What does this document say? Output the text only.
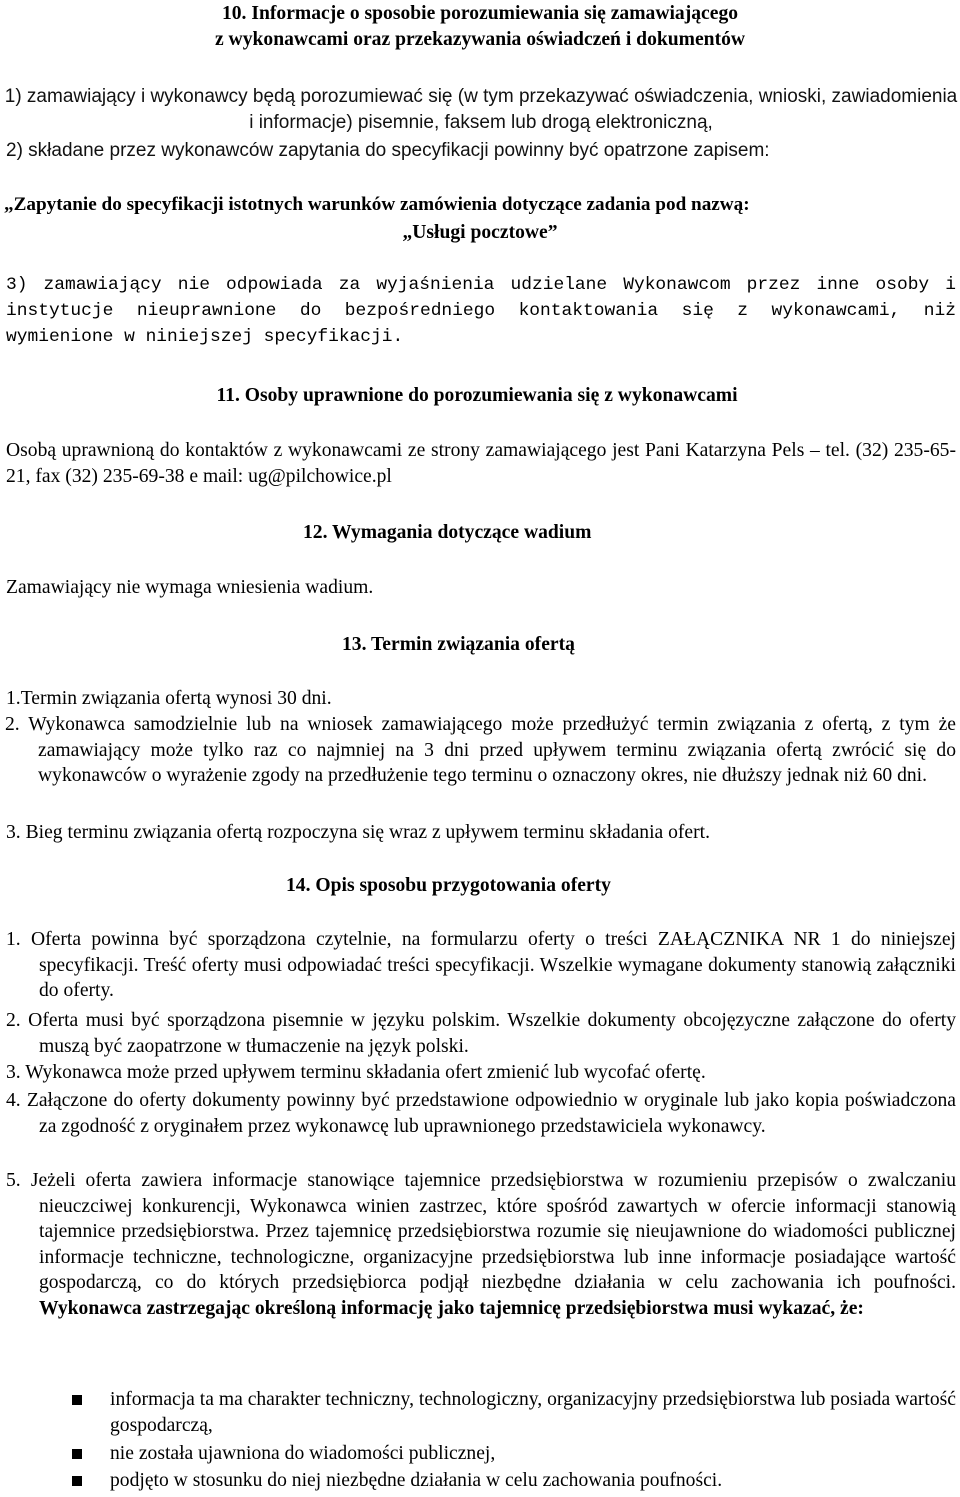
10. Informacje o sposobie porozumiewania się zamawiającego

z wykonawcami oraz przekazywania oświadczeń i dokumentów

1) zamawiający i wykonawcy będą porozumiewać się (w tym przekazywać oświadczenia, wnioski, zawiadomienia i informacje) pisemnie, faksem lub drogą elektroniczną,

2) składane przez wykonawców zapytania do specyfikacji powinny być opatrzone zapisem:

„Zapytanie do specyfikacji istotnych warunków zamówienia dotyczące zadania pod nazwą:

„Usługi pocztowe”

3) zamawiający nie odpowiada za wyjaśnienia udzielane Wykonawcom przez inne osoby i instytucje nieuprawnione do bezpośredniego kontaktowania się z wykonawcami, niż wymienione w niniejszej specyfikacji.

11. Osoby uprawnione do porozumiewania się z wykonawcami

Osobą uprawnioną do kontaktów z wykonawcami ze strony zamawiającego jest Pani Katarzyna Pels – tel. (32) 235-65-21, fax (32) 235-69-38 e mail: ug@pilchowice.pl

12. Wymagania dotyczące wadium

Zamawiający nie wymaga wniesienia wadium.

13. Termin związania ofertą

1.Termin związania ofertą wynosi 30 dni.

2. Wykonawca samodzielnie lub na wniosek zamawiającego może przedłużyć termin związania z ofertą, z tym że zamawiający może tylko raz co najmniej na 3 dni przed upływem terminu związania ofertą zwrócić się do wykonawców o wyrażenie zgody na przedłużenie tego terminu o oznaczony okres, nie dłuższy jednak niż 60 dni.

3. Bieg terminu związania ofertą rozpoczyna się wraz z upływem terminu składania ofert.

14. Opis sposobu przygotowania oferty

1. Oferta powinna być sporządzona czytelnie, na formularzu oferty o treści ZAŁĄCZNIKA NR 1 do niniejszej specyfikacji. Treść oferty musi odpowiadać treści specyfikacji. Wszelkie wymagane dokumenty stanowią załączniki do oferty.

2. Oferta musi być sporządzona pisemnie w języku polskim. Wszelkie dokumenty obcojęzyczne załączone do oferty muszą być zaopatrzone w tłumaczenie na język polski.

3. Wykonawca może przed upływem terminu składania ofert zmienić lub wycofać ofertę.

4. Załączone do oferty dokumenty powinny być przedstawione odpowiednio w oryginale lub jako kopia poświadczona za zgodność z oryginałem przez wykonawcę lub uprawnionego przedstawiciela wykonawcy.

5. Jeżeli oferta zawiera informacje stanowiące tajemnice przedsiębiorstwa w rozumieniu przepisów o zwalczaniu nieuczciwej konkurencji, Wykonawca winien zastrzec, które spośród zawartych w ofercie informacji stanowią tajemnice przedsiębiorstwa. Przez tajemnicę przedsiębiorstwa rozumie się nieujawnione do wiadomości publicznej informacje techniczne, technologiczne, organizacyjne przedsiębiorstwa lub inne informacje posiadające wartość gospodarczą, co do których przedsiębiorca podjął niezbędne działania w celu zachowania ich poufności. Wykonawca zastrzegając określoną informację jako tajemnicę przedsiębiorstwa musi wykazać, że:

informacja ta ma charakter techniczny, technologiczny, organizacyjny przedsiębiorstwa lub posiada wartość gospodarczą,

nie została ujawniona do wiadomości publicznej,

podjęto w stosunku do niej niezbędne działania w celu zachowania poufności.
